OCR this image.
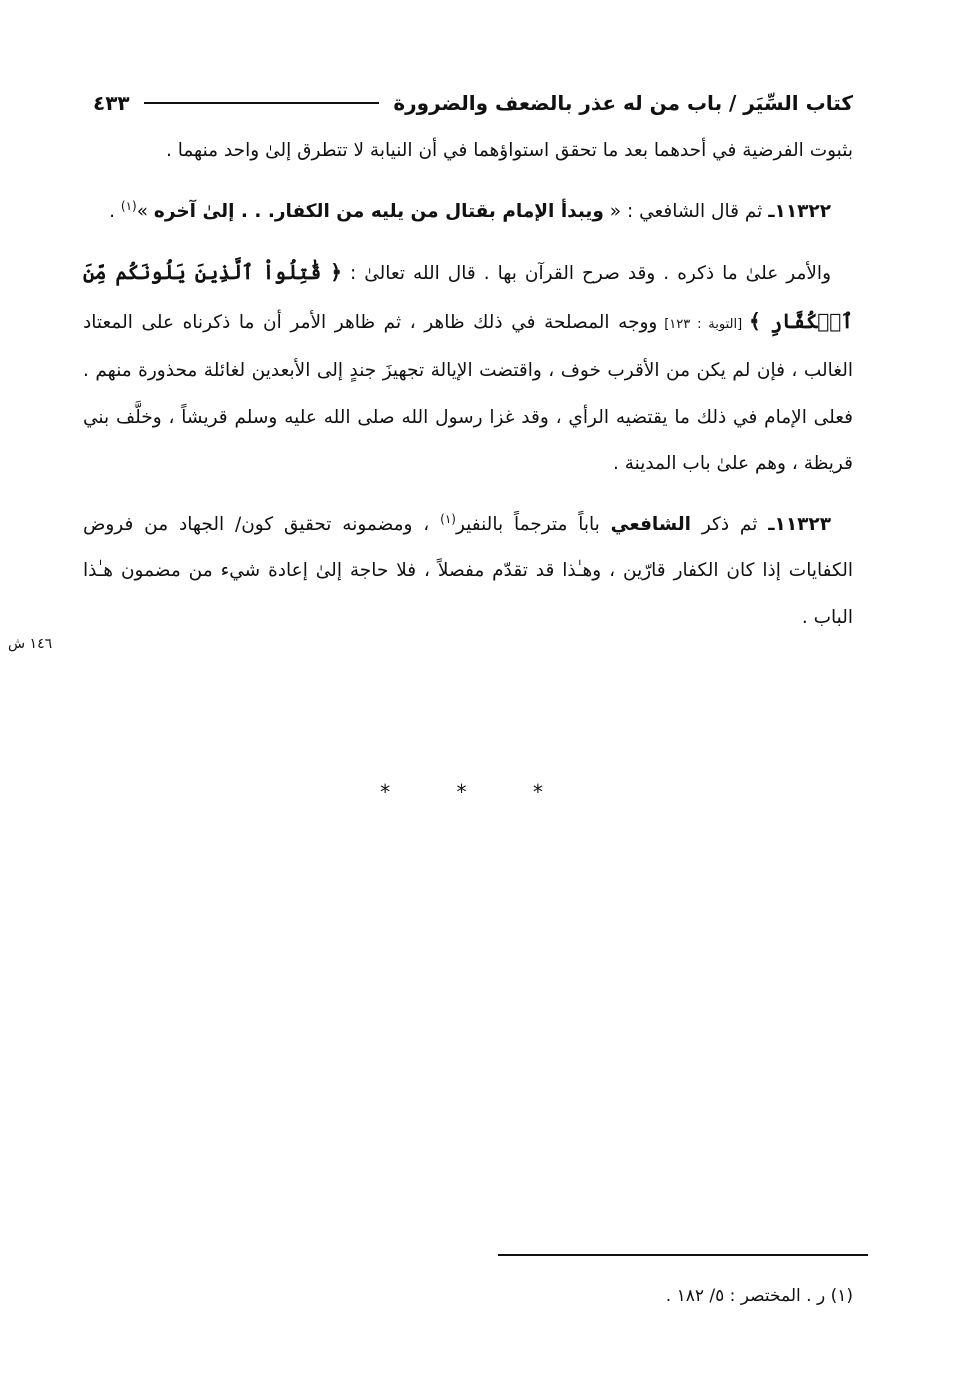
كتاب السِّيَر / باب من له عذر بالضعف والضرورة
٤٣٣

بثبوت الفرضية في أحدهما بعد ما تحقق استواؤهما في أن النيابة لا تتطرق إلىٰ واحد منهما .

١١٣٢٢ـ ثم قال الشافعي : « ويبدأ الإمام بقتال من يليه من الكفار. . . إلىٰ آخره »$^{(١)}$ .

والأمر علىٰ ما ذكره . وقد صرح القرآن بها . قال الله تعالىٰ : ﴿ قَٰتِلُواْ ٱلَّذِينَ يَلُونَكُم مِّنَ ٱلۡكُفَّارِ ﴾ [التوبة : ١٢٣] ووجه المصلحة في ذلك ظاهر ، ثم ظاهر الأمر أن ما ذكرناه على المعتاد الغالب ، فإن لم يكن من الأقرب خوف ، واقتضت الإيالة تجهيزَ جندٍ إلى الأبعدين لغائلة محذورة منهم . فعلى الإمام في ذلك ما يقتضيه الرأي ، وقد غزا رسول الله صلى الله عليه وسلم قريشاً ، وخلَّف بني قريظة ، وهم علىٰ باب المدينة .

١١٣٢٣ـ ثم ذكر الشافعي باباً مترجماً بالنفير$^{(١)}$ ، ومضمونه تحقيق كون/ الجهاد من فروض الكفايات إذا كان الكفار قارّين ، وهـٰذا قد تقدّم مفصلاً ، فلا حاجة إلىٰ إعادة شيء من مضمون هـٰذا الباب .

١٤٦ ش
* * *
(١) ر . المختصر : ٥/ ١٨٢ .
